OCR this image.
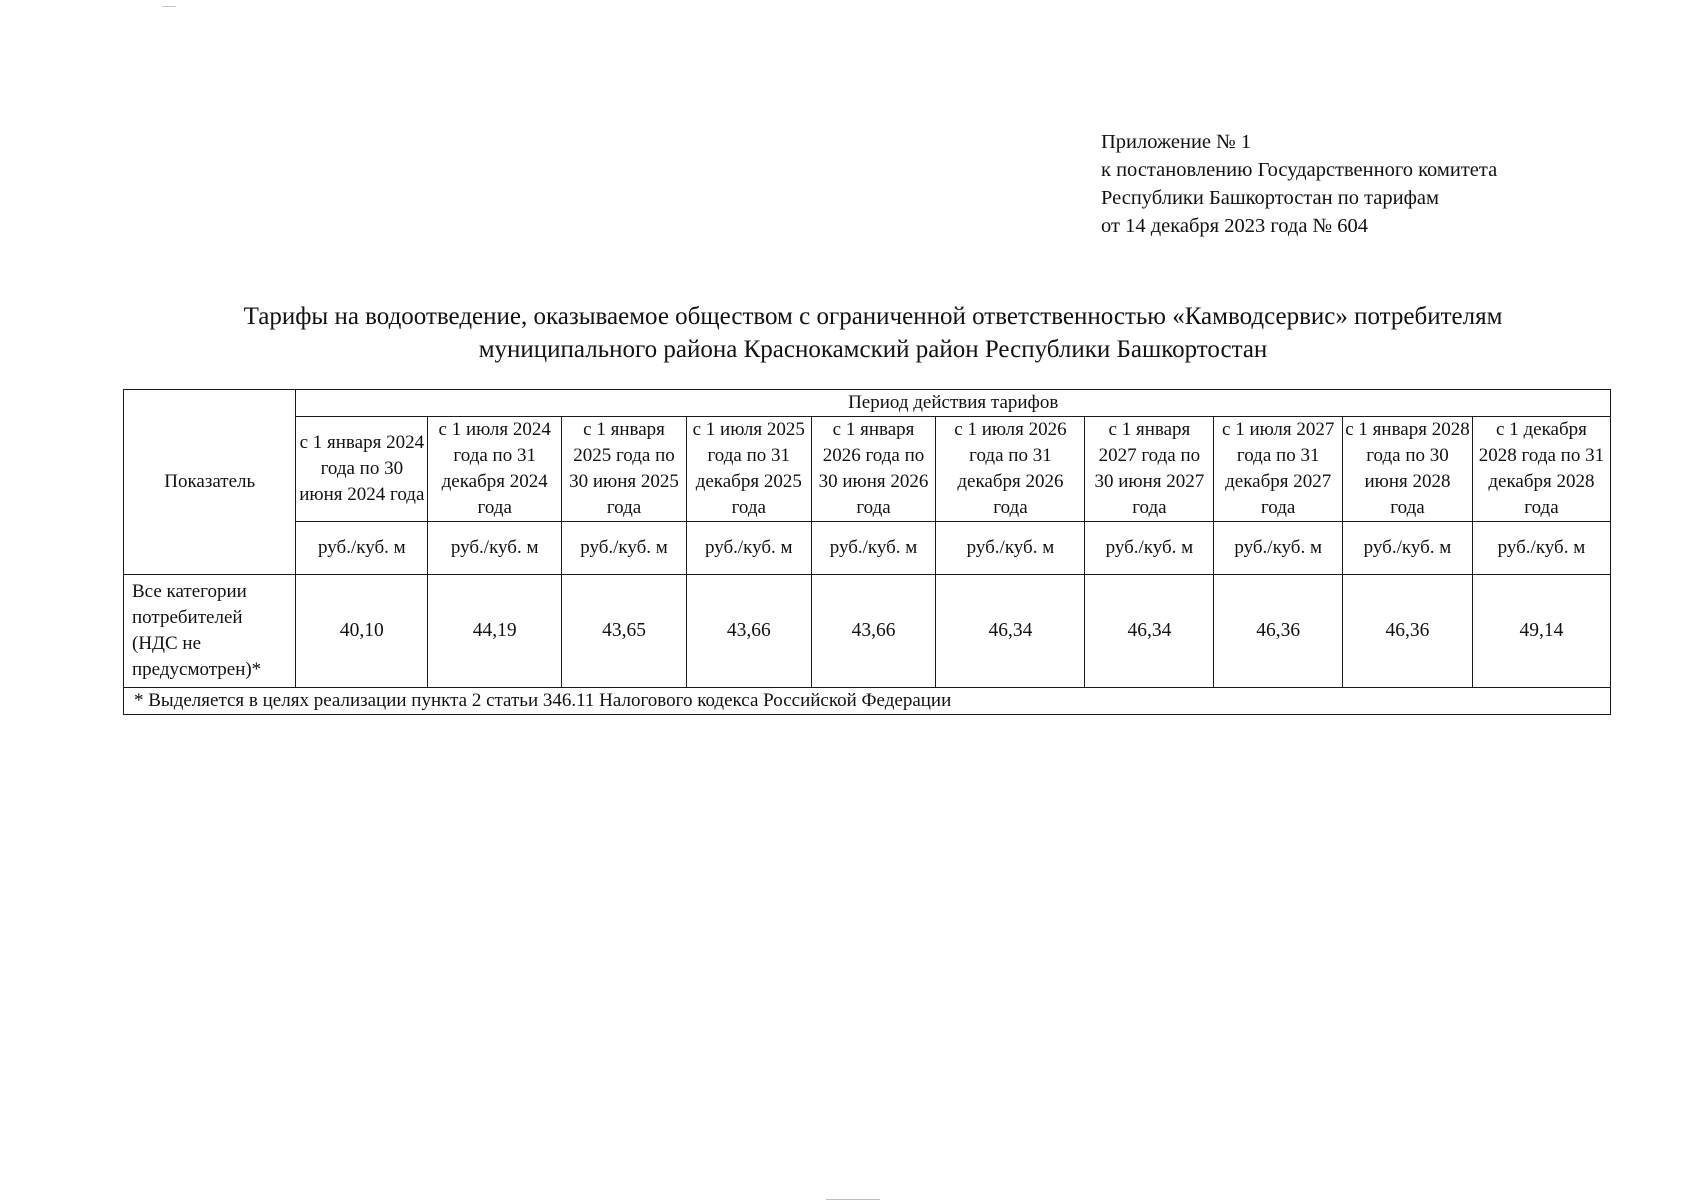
Приложение № 1
к постановлению Государственного комитета
Республики Башкортостан по тарифам
от 14 декабря 2023 года № 604
Тарифы на водоотведение, оказываемое обществом с ограниченной ответственностью «Камводсервис» потребителям
муниципального района Краснокамский район Республики Башкортостан
Показатель	Период действия тарифов									
	с 1 января 2024 года по 30 июня 2024 года	с 1 июля 2024 года по 31 декабря 2024 года	с 1 января 2025 года по 30 июня 2025 года	с 1 июля 2025 года по 31 декабря 2025 года	с 1 января 2026 года по 30 июня 2026 года	с 1 июля 2026 года по 31 декабря 2026 года	с 1 января 2027 года по 30 июня 2027 года	с 1 июля 2027 года по 31 декабря 2027 года	с 1 января 2028 года по 30 июня 2028 года	с 1 декабря 2028 года по 31 декабря 2028 года
	руб./куб. м	руб./куб. м	руб./куб. м	руб./куб. м	руб./куб. м	руб./куб. м	руб./куб. м	руб./куб. м	руб./куб. м	руб./куб. м
Все категории потребителей (НДС не предусмотрен)*	40,10	44,19	43,65	43,66	43,66	46,34	46,34	46,36	46,36	49,14
* Выделяется в целях реализации пункта 2 статьи 346.11 Налогового кодекса Российской Федерации										
